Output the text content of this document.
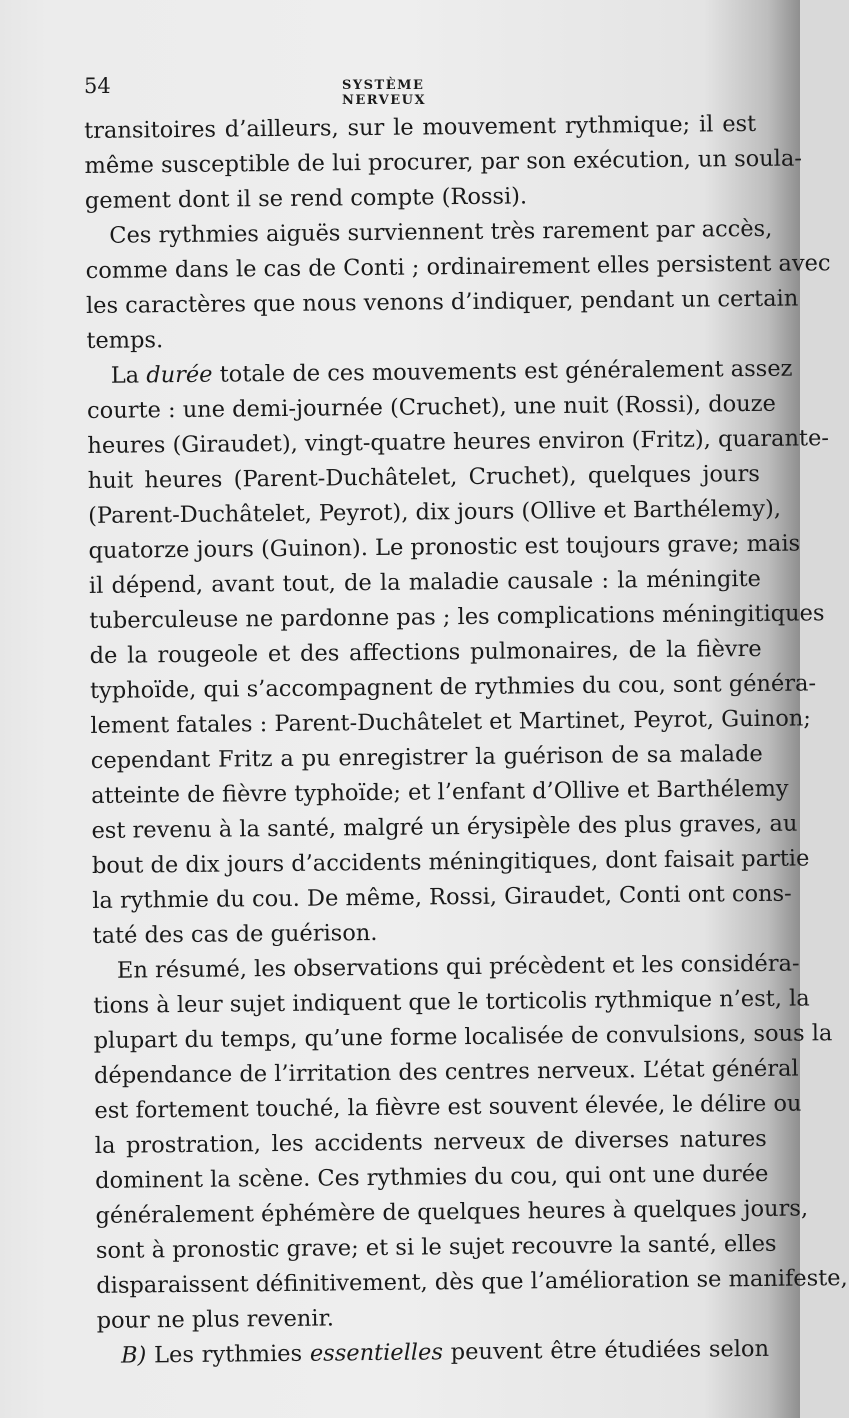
54	SYSTÈME NERVEUX
transitoires d’ailleurs, sur le mouvement rythmique; il est
même susceptible de lui procurer, par son exécution, un soula-
gement dont il se rend compte (Rossi).
Ces rythmies aiguës surviennent très rarement par accès,
comme dans le cas de Conti ; ordinairement elles persistent avec
les caractères que nous venons d’indiquer, pendant un certain
temps.
La durée totale de ces mouvements est généralement assez
courte : une demi-journée (Cruchet), une nuit (Rossi), douze
heures (Giraudet), vingt-quatre heures environ (Fritz), quarante-
huit heures (Parent-Duchâtelet, Cruchet), quelques jours
(Parent-Duchâtelet, Peyrot), dix jours (Ollive et Barthélemy),
quatorze jours (Guinon). Le pronostic est toujours grave; mais
il dépend, avant tout, de la maladie causale : la méningite
tuberculeuse ne pardonne pas ; les complications méningitiques
de la rougeole et des affections pulmonaires, de la fièvre
typhoïde, qui s’accompagnent de rythmies du cou, sont généra-
lement fatales : Parent-Duchâtelet et Martinet, Peyrot, Guinon;
cependant Fritz a pu enregistrer la guérison de sa malade
atteinte de fièvre typhoïde; et l’enfant d’Ollive et Barthélemy
est revenu à la santé, malgré un érysipèle des plus graves, au
bout de dix jours d’accidents méningitiques, dont faisait partie
la rythmie du cou. De même, Rossi, Giraudet, Conti ont cons-
taté des cas de guérison.
En résumé, les observations qui précèdent et les considéra-
tions à leur sujet indiquent que le torticolis rythmique n’est, la
plupart du temps, qu’une forme localisée de convulsions, sous la
dépendance de l’irritation des centres nerveux. L’état général
est fortement touché, la fièvre est souvent élevée, le délire ou
la prostration, les accidents nerveux de diverses natures
dominent la scène. Ces rythmies du cou, qui ont une durée
généralement éphémère de quelques heures à quelques jours,
sont à pronostic grave; et si le sujet recouvre la santé, elles
disparaissent définitivement, dès que l’amélioration se manifeste,
pour ne plus revenir.
B) Les rythmies essentielles peuvent être étudiées selon
